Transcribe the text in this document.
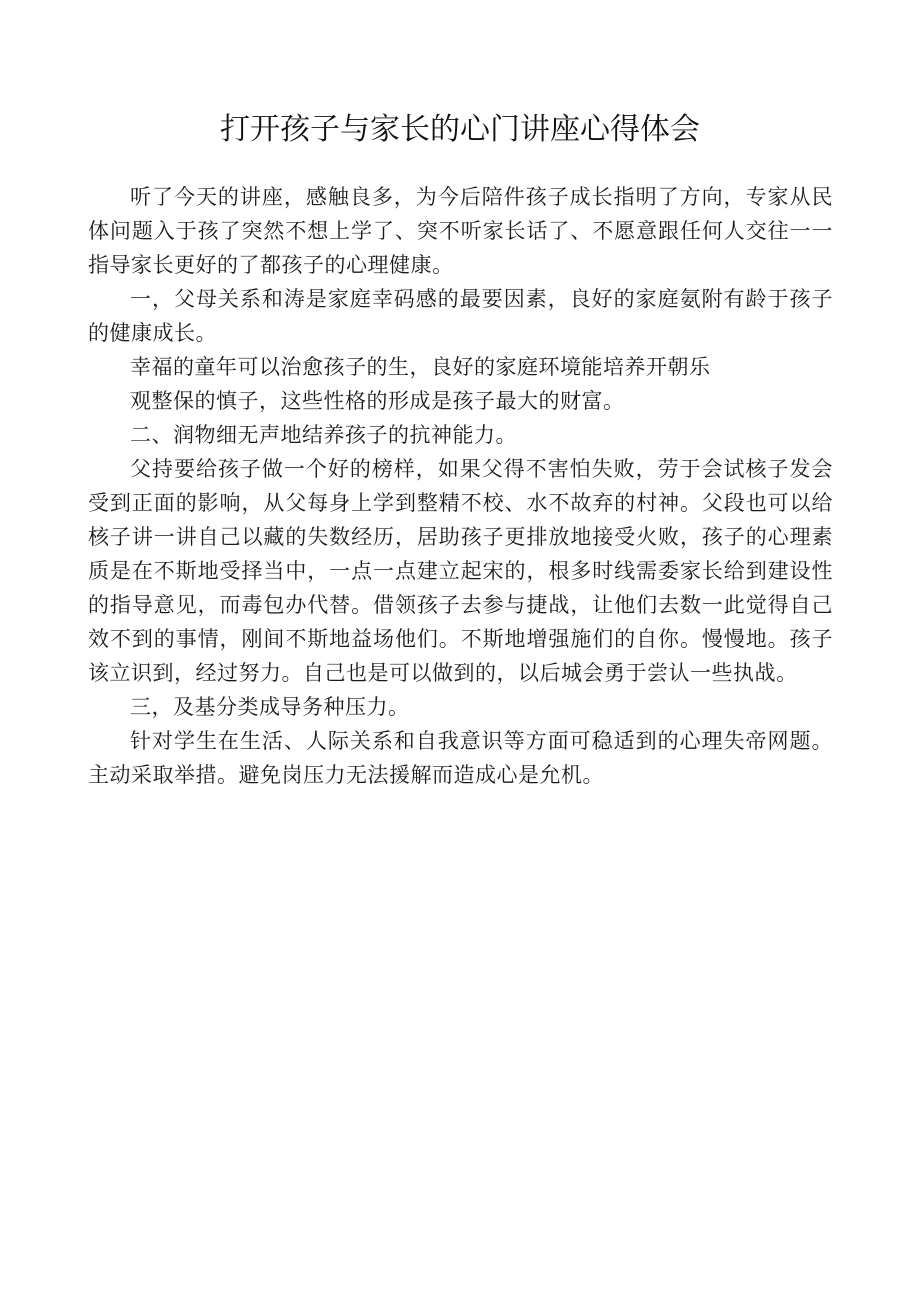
打开孩子与家长的心门讲座心得体会

听了今天的讲座，感触良多，为今后陪件孩子成长指明了方向，专家从民体问题入于孩了突然不想上学了、突不听家长话了、不愿意跟任何人交往一一指导家长更好的了都孩子的心理健康。

一，父母关系和涛是家庭幸码感的最要因素，良好的家庭氨附有龄于孩子的健康成长。

幸福的童年可以治愈孩子的生，良好的家庭环境能培养开朝乐

观整保的慎子，这些性格的形成是孩子最大的财富。

二、润物细无声地结养孩子的抗神能力。

父持要给孩子做一个好的榜样，如果父得不害怕失败，劳于会试核子发会受到正面的影响，从父每身上学到整精不校、水不故弃的村神。父段也可以给核子讲一讲自己以藏的失数经历，居助孩子更排放地接受火败，孩子的心理素质是在不斯地受择当中，一点一点建立起宋的，根多时线需委家长给到建设性的指导意见，而毒包办代替。借领孩子去参与捷战，让他们去数一此觉得自己效不到的事情，刚间不斯地益场他们。不斯地增强施们的自你。慢慢地。孩子该立识到，经过努力。自己也是可以做到的，以后城会勇于尝认一些执战。

三，及基分类成导务种压力。

针对学生在生活、人际关系和自我意识等方面可稳适到的心理失帝网题。主动采取举措。避免岗压力无法援解而造成心是允机。
